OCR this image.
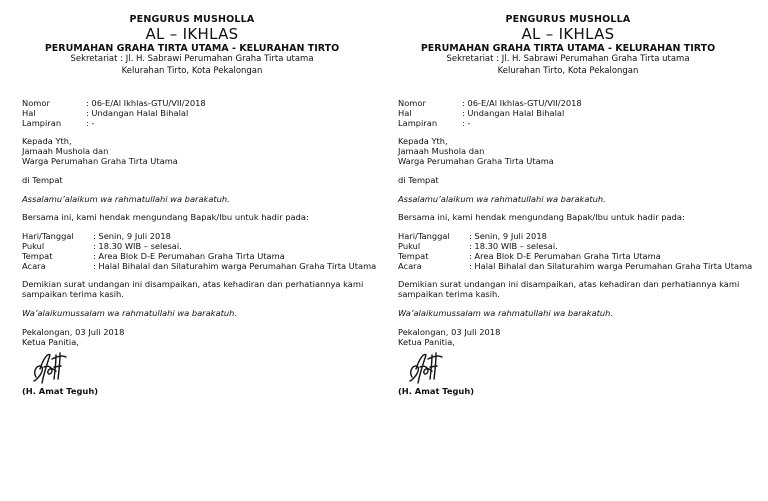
PENGURUS MUSHOLLA
AL – IKHLAS
PERUMAHAN GRAHA TIRTA UTAMA - KELURAHAN TIRTO
Sekretariat : Jl. H. Sabrawi Perumahan Graha Tirta utama
Kelurahan Tirto, Kota Pekalongan
Nomor	: 06-E/Al Ikhlas-GTU/VII/2018
Hal	: Undangan Halal Bihalal
Lampiran	: -
Kepada Yth,
Jamaah Mushola dan
Warga Perumahan Graha Tirta Utama
di Tempat
Assalamu’alaikum wa rahmatullahi wa barakatuh.
Bersama ini, kami hendak mengundang Bapak/Ibu untuk hadir pada:
Hari/Tanggal	: Senin, 9 Juli 2018
Pukul	: 18.30 WIB – selesai.
Tempat	: Area Blok D-E Perumahan Graha Tirta Utama
Acara	: Halal Bihalal dan Silaturahim warga Perumahan Graha Tirta Utama
Demikian surat undangan ini disampaikan, atas kehadiran dan perhatiannya kami sampaikan terima kasih.
Wa’alaikumussalam wa rahmatullahi wa barakatuh.
Pekalongan, 03 Juli 2018
Ketua Panitia,
(H. Amat Teguh)
PENGURUS MUSHOLLA
AL – IKHLAS
PERUMAHAN GRAHA TIRTA UTAMA - KELURAHAN TIRTO
Sekretariat : Jl. H. Sabrawi Perumahan Graha Tirta utama
Kelurahan Tirto, Kota Pekalongan
Nomor	: 06-E/Al Ikhlas-GTU/VII/2018
Hal	: Undangan Halal Bihalal
Lampiran	: -
Kepada Yth,
Jamaah Mushola dan
Warga Perumahan Graha Tirta Utama
di Tempat
Assalamu’alaikum wa rahmatullahi wa barakatuh.
Bersama ini, kami hendak mengundang Bapak/Ibu untuk hadir pada:
Hari/Tanggal	: Senin, 9 Juli 2018
Pukul	: 18.30 WIB – selesai.
Tempat	: Area Blok D-E Perumahan Graha Tirta Utama
Acara	: Halal Bihalal dan Silaturahim warga Perumahan Graha Tirta Utama
Demikian surat undangan ini disampaikan, atas kehadiran dan perhatiannya kami sampaikan terima kasih.
Wa’alaikumussalam wa rahmatullahi wa barakatuh.
Pekalongan, 03 Juli 2018
Ketua Panitia,
(H. Amat Teguh)
